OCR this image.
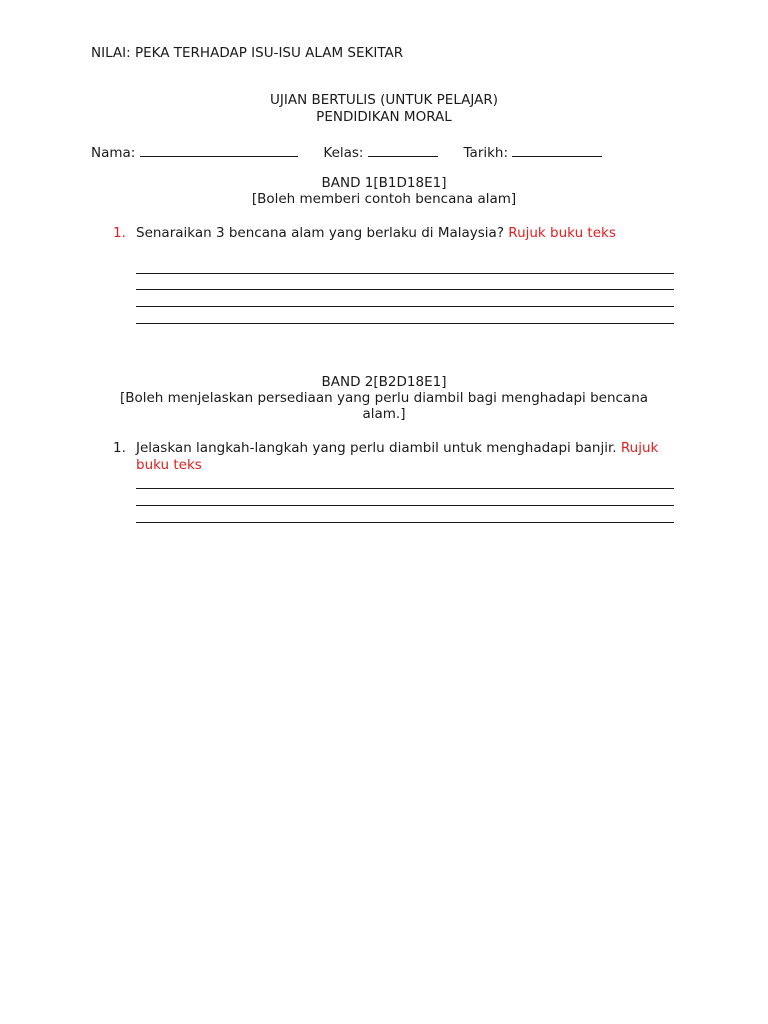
NILAI: PEKA TERHADAP ISU-ISU ALAM SEKITAR
UJIAN BERTULIS (UNTUK PELAJAR)
PENDIDIKAN MORAL
Nama:	Kelas:	Tarikh:
BAND 1[B1D18E1]
[Boleh memberi contoh bencana alam]
1. Senaraikan 3 bencana alam yang berlaku di Malaysia? Rujuk buku teks
BAND 2[B2D18E1]
[Boleh menjelaskan persediaan yang perlu diambil bagi menghadapi bencana
alam.]
1. Jelaskan langkah-langkah yang perlu diambil untuk menghadapi banjir. Rujuk buku teks
